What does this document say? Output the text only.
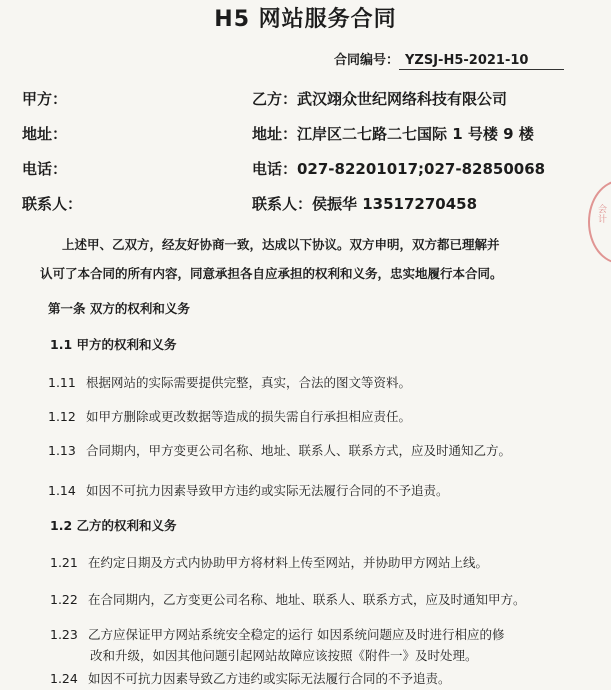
H5 网站服务合同
合同编号： YZSJ-H5-2021-10
甲方：	乙方：武汉翊众世纪网络科技有限公司
地址：	地址：江岸区二七路二七国际 1 号楼 9 楼
电话：	电话：027-82201017;027-82850068
联系人：	联系人：侯振华 13517270458
上述甲、乙双方，经友好协商一致，达成以下协议。双方申明，双方都已理解并
认可了本合同的所有内容，同意承担各自应承担的权利和义务，忠实地履行本合同。
第一条 双方的权利和义务
1.1 甲方的权利和义务
1.11 根据网站的实际需要提供完整，真实，合法的图文等资料。
1.12 如甲方删除或更改数据等造成的损失需自行承担相应责任。
1.13 合同期内，甲方变更公司名称、地址、联系人、联系方式，应及时通知乙方。
1.14 如因不可抗力因素导致甲方违约或实际无法履行合同的不予追责。
1.2 乙方的权利和义务
1.21 在约定日期及方式内协助甲方将材料上传至网站，并协助甲方网站上线。
1.22 在合同期内，乙方变更公司名称、地址、联系人、联系方式，应及时通知甲方。
1.23 乙方应保证甲方网站系统安全稳定的运行 如因系统问题应及时进行相应的修
改和升级，如因其他问题引起网站故障应该按照《附件一》及时处理。
1.24 如因不可抗力因素导致乙方违约或实际无法履行合同的不予追责。
会计
